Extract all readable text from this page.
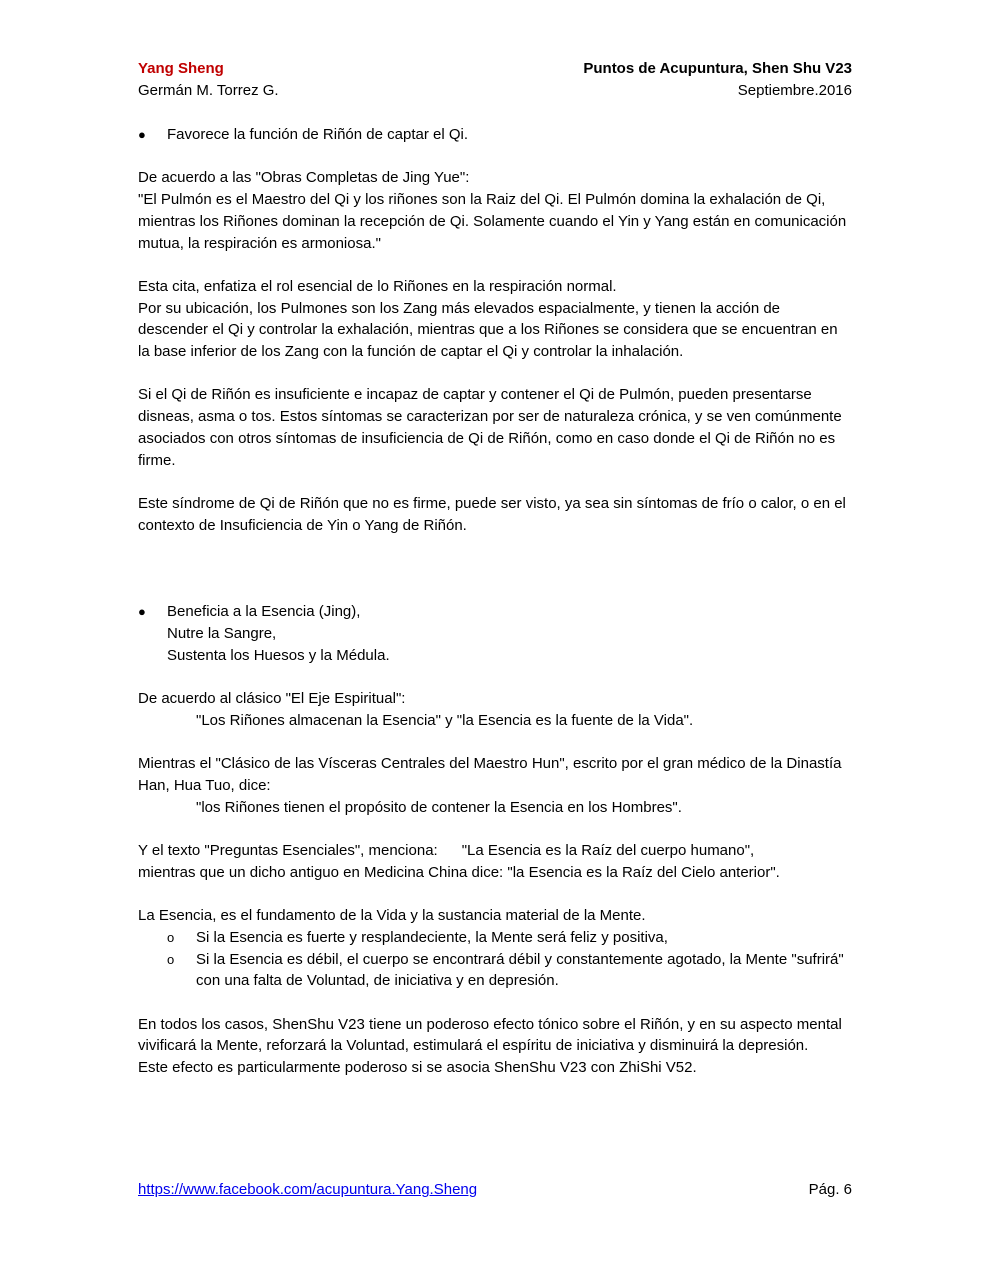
Yang Sheng	Puntos de Acupuntura, Shen Shu V23
Germán M. Torrez G.	Septiembre.2016
●	Favorece la función de Riñón de captar el Qi.

De acuerdo a las "Obras Completas de Jing Yue":

"El Pulmón es el Maestro del Qi y los riñones son la Raiz del Qi. El Pulmón domina la exhalación de Qi, mientras los Riñones dominan la recepción de Qi. Solamente cuando el Yin y Yang están en comunicación mutua, la respiración es armoniosa."

Esta cita, enfatiza el rol esencial de lo Riñones en la respiración normal.

Por su ubicación, los Pulmones son los Zang más elevados espacialmente, y tienen la acción de descender el Qi y controlar la exhalación, mientras que a los Riñones se considera que se encuentran en la base inferior de los Zang con la función de captar el Qi y controlar la inhalación.

Si el Qi de Riñón es insuficiente e incapaz de captar y contener el Qi de Pulmón, pueden presentarse disneas, asma o tos. Estos síntomas se caracterizan por ser de naturaleza crónica, y se ven comúnmente asociados con otros síntomas de insuficiencia de Qi de Riñón, como en caso donde el Qi de Riñón no es firme.

Este síndrome de Qi de Riñón que no es firme, puede ser visto, ya sea sin síntomas de frío o calor, o en el contexto de Insuficiencia de Yin o Yang de Riñón.

●	Beneficia a la Esencia (Jing),

Nutre la Sangre,

Sustenta los Huesos y la Médula.

De acuerdo al clásico "El Eje Espiritual":

"Los Riñones almacenan la Esencia" y "la Esencia es la fuente de la Vida".

Mientras el "Clásico de las Vísceras Centrales del Maestro Hun", escrito por el gran médico de la Dinastía Han, Hua Tuo, dice:

"los Riñones tienen el propósito de contener la Esencia en los Hombres".

Y el texto "Preguntas Esenciales", menciona: "La Esencia es la Raíz del cuerpo humano",

mientras que un dicho antiguo en Medicina China dice: "la Esencia es la Raíz del Cielo anterior".

La Esencia, es el fundamento de la Vida y la sustancia material de la Mente.

o	Si la Esencia es fuerte y resplandeciente, la Mente será feliz y positiva,
o	Si la Esencia es débil, el cuerpo se encontrará débil y constantemente agotado, la Mente "sufrirá" con una falta de Voluntad, de iniciativa y en depresión.

En todos los casos, ShenShu V23 tiene un poderoso efecto tónico sobre el Riñón, y en su aspecto mental vivificará la Mente, reforzará la Voluntad, estimulará el espíritu de iniciativa y disminuirá la depresión.

Este efecto es particularmente poderoso si se asocia ShenShu V23 con ZhiShi V52.

https://www.facebook.com/acupuntura.Yang.Sheng	Pág. 6
